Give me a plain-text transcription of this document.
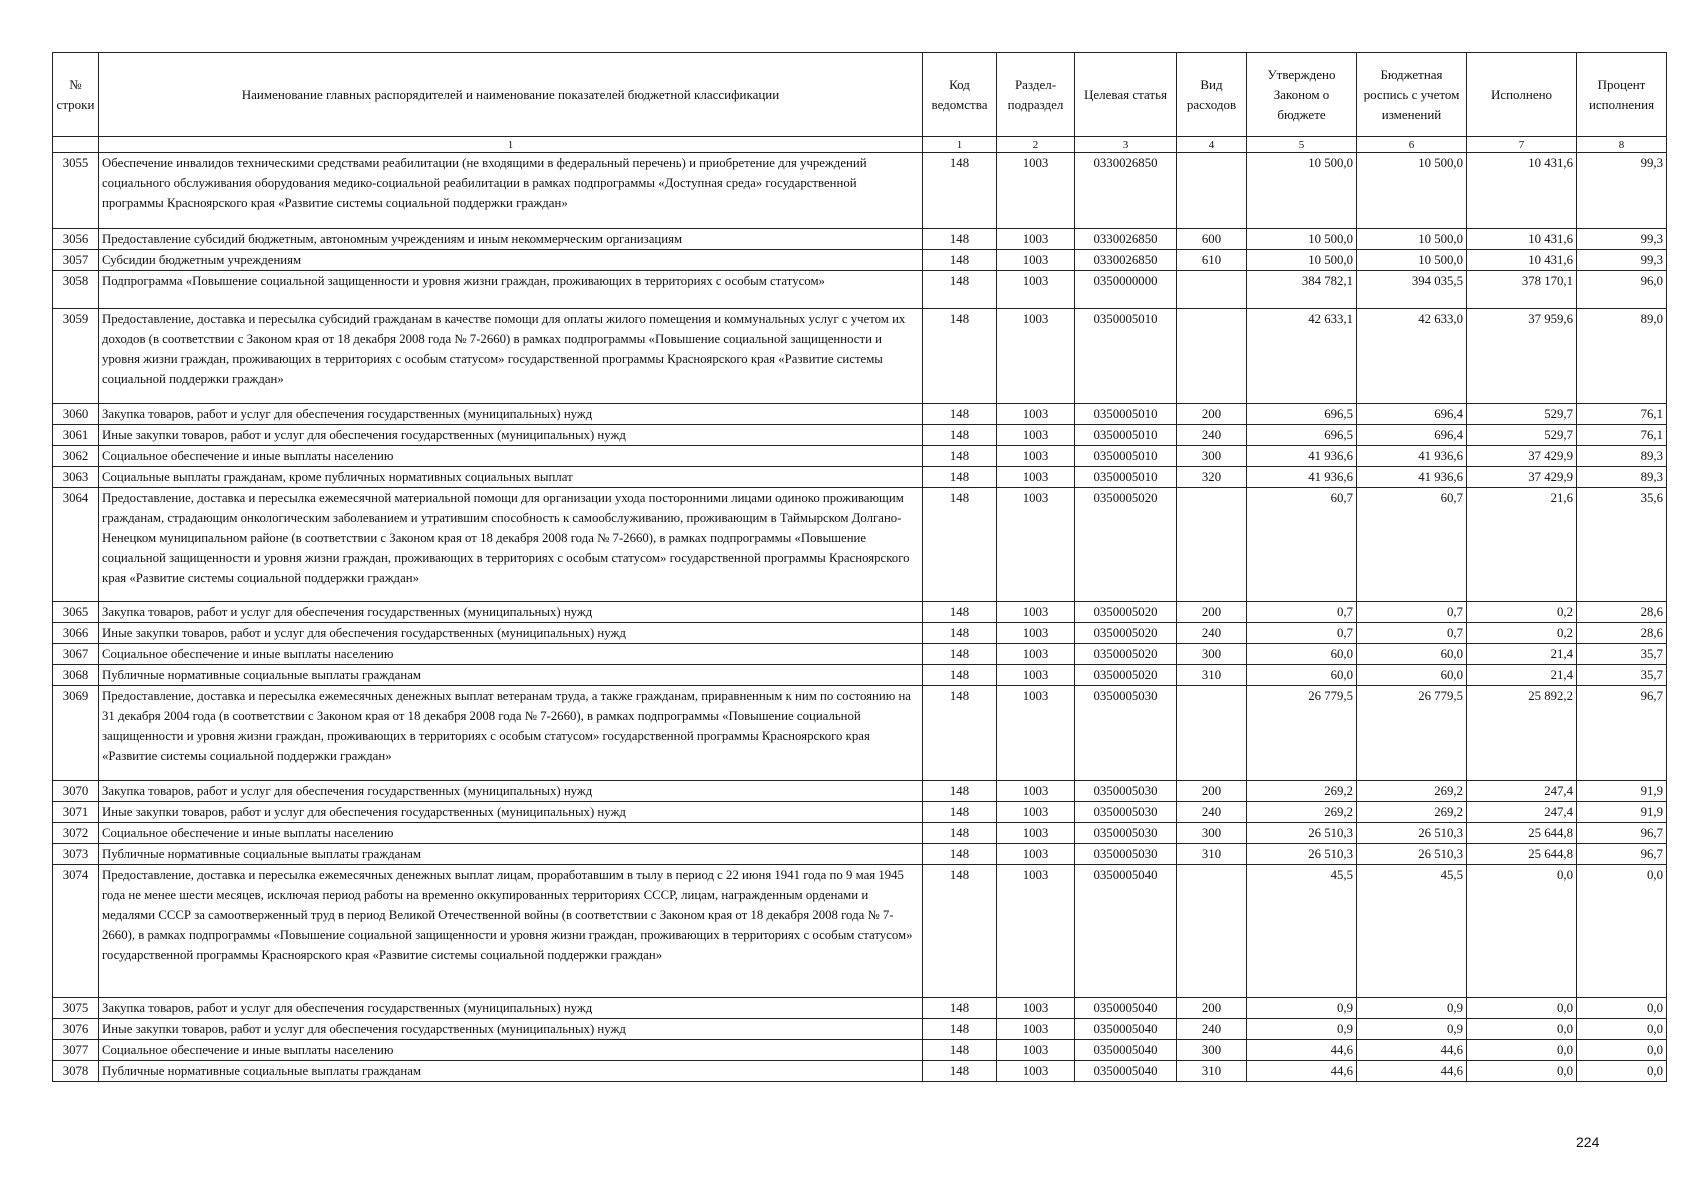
№ строки	Наименование главных распорядителей и наименование показателей бюджетной классификации	Код ведомства	Раздел-подраздел	Целевая статья	Вид расходов	Утверждено Законом о бюджете	Бюджетная роспись с учетом изменений	Исполнено	Процент исполнения
	1	1	2	3	4	5	6	7	8
3055	Обеспечение инвалидов техническими средствами реабилитации (не входящими в федеральный перечень) и приобретение для учреждений социального обслуживания оборудования медико-социальной реабилитации в рамках подпрограммы «Доступная среда» государственной программы Красноярского края «Развитие системы социальной поддержки граждан»	148	1003	0330026850		10 500,0	10 500,0	10 431,6	99,3
3056	Предоставление субсидий бюджетным, автономным учреждениям и иным некоммерческим организациям	148	1003	0330026850	600	10 500,0	10 500,0	10 431,6	99,3
3057	Субсидии бюджетным учреждениям	148	1003	0330026850	610	10 500,0	10 500,0	10 431,6	99,3
3058	Подпрограмма «Повышение социальной защищенности и уровня жизни граждан, проживающих в территориях с особым статусом»	148	1003	0350000000		384 782,1	394 035,5	378 170,1	96,0
3059	Предоставление, доставка и пересылка субсидий гражданам в качестве помощи для оплаты жилого помещения и коммунальных услуг с учетом их доходов (в соответствии с Законом края от 18 декабря 2008 года № 7-2660) в рамках подпрограммы «Повышение социальной защищенности и уровня жизни граждан, проживающих в территориях с особым статусом» государственной программы Красноярского края «Развитие системы социальной поддержки граждан»	148	1003	0350005010		42 633,1	42 633,0	37 959,6	89,0
3060	Закупка товаров, работ и услуг для обеспечения государственных (муниципальных) нужд	148	1003	0350005010	200	696,5	696,4	529,7	76,1
3061	Иные закупки товаров, работ и услуг для обеспечения государственных (муниципальных) нужд	148	1003	0350005010	240	696,5	696,4	529,7	76,1
3062	Социальное обеспечение и иные выплаты населению	148	1003	0350005010	300	41 936,6	41 936,6	37 429,9	89,3
3063	Социальные выплаты гражданам, кроме публичных нормативных социальных выплат	148	1003	0350005010	320	41 936,6	41 936,6	37 429,9	89,3
3064	Предоставление, доставка и пересылка ежемесячной материальной помощи для организации ухода посторонними лицами одиноко проживающим гражданам, страдающим онкологическим заболеванием и утратившим способность к самообслуживанию, проживающим в Таймырском Долгано-Ненецком муниципальном районе (в соответствии с Законом края от 18 декабря 2008 года № 7-2660), в рамках подпрограммы «Повышение социальной защищенности и уровня жизни граждан, проживающих в территориях с особым статусом» государственной программы Красноярского края «Развитие системы социальной поддержки граждан»	148	1003	0350005020		60,7	60,7	21,6	35,6
3065	Закупка товаров, работ и услуг для обеспечения государственных (муниципальных) нужд	148	1003	0350005020	200	0,7	0,7	0,2	28,6
3066	Иные закупки товаров, работ и услуг для обеспечения государственных (муниципальных) нужд	148	1003	0350005020	240	0,7	0,7	0,2	28,6
3067	Социальное обеспечение и иные выплаты населению	148	1003	0350005020	300	60,0	60,0	21,4	35,7
3068	Публичные нормативные социальные выплаты гражданам	148	1003	0350005020	310	60,0	60,0	21,4	35,7
3069	Предоставление, доставка и пересылка ежемесячных денежных выплат ветеранам труда, а также гражданам, приравненным к ним по состоянию на 31 декабря 2004 года (в соответствии с Законом края от 18 декабря 2008 года № 7-2660), в рамках подпрограммы «Повышение социальной защищенности и уровня жизни граждан, проживающих в территориях с особым статусом» государственной программы Красноярского края «Развитие системы социальной поддержки граждан»	148	1003	0350005030		26 779,5	26 779,5	25 892,2	96,7
3070	Закупка товаров, работ и услуг для обеспечения государственных (муниципальных) нужд	148	1003	0350005030	200	269,2	269,2	247,4	91,9
3071	Иные закупки товаров, работ и услуг для обеспечения государственных (муниципальных) нужд	148	1003	0350005030	240	269,2	269,2	247,4	91,9
3072	Социальное обеспечение и иные выплаты населению	148	1003	0350005030	300	26 510,3	26 510,3	25 644,8	96,7
3073	Публичные нормативные социальные выплаты гражданам	148	1003	0350005030	310	26 510,3	26 510,3	25 644,8	96,7
3074	Предоставление, доставка и пересылка ежемесячных денежных выплат лицам, проработавшим в тылу в период с 22 июня 1941 года по 9 мая 1945 года не менее шести месяцев, исключая период работы на временно оккупированных территориях СССР, лицам, награжденным орденами и медалями СССР за самоотверженный труд в период Великой Отечественной войны (в соответствии с Законом края от 18 декабря 2008 года № 7-2660), в рамках подпрограммы «Повышение социальной защищенности и уровня жизни граждан, проживающих в территориях с особым статусом» государственной программы Красноярского края «Развитие системы социальной поддержки граждан»	148	1003	0350005040		45,5	45,5	0,0	0,0
3075	Закупка товаров, работ и услуг для обеспечения государственных (муниципальных) нужд	148	1003	0350005040	200	0,9	0,9	0,0	0,0
3076	Иные закупки товаров, работ и услуг для обеспечения государственных (муниципальных) нужд	148	1003	0350005040	240	0,9	0,9	0,0	0,0
3077	Социальное обеспечение и иные выплаты населению	148	1003	0350005040	300	44,6	44,6	0,0	0,0
3078	Публичные нормативные социальные выплаты гражданам	148	1003	0350005040	310	44,6	44,6	0,0	0,0
224
